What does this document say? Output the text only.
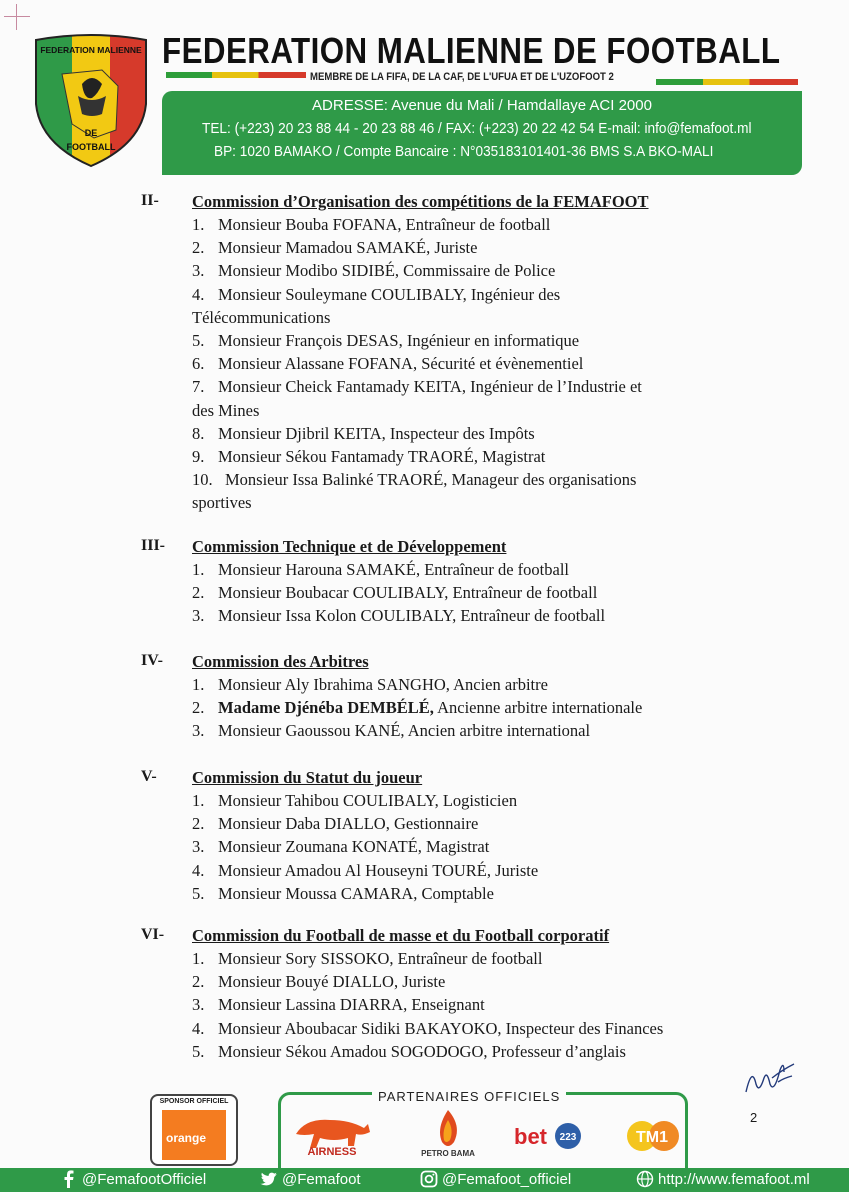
FEDERATION MALIENNE
DE
FOOTBALL
FEDERATION MALIENNE DE FOOTBALL
MEMBRE DE LA FIFA, DE LA CAF, DE L'UFUA ET DE L'UZOFOOT 2
ADRESSE: Avenue du Mali / Hamdallaye ACI 2000
TEL: (+223) 20 23 88 44 - 20 23 88 46 / FAX: (+223) 20 22 42 54 E-mail: info@femafoot.ml
BP: 1020 BAMAKO / Compte Bancaire : N°035183101401-36 BMS S.A BKO-MALI
II- Commission d’Organisation des compétitions de la FEMAFOOT
1. Monsieur Bouba FOFANA, Entraîneur de football
2. Monsieur Mamadou SAMAKÉ, Juriste
3. Monsieur Modibo SIDIBÉ, Commissaire de Police
4. Monsieur Souleymane COULIBALY, Ingénieur des
Télécommunications
5. Monsieur François DESAS, Ingénieur en informatique
6. Monsieur Alassane FOFANA, Sécurité et évènementiel
7. Monsieur Cheick Fantamady KEITA, Ingénieur de l’Industrie et
des Mines
8. Monsieur Djibril KEITA, Inspecteur des Impôts
9. Monsieur Sékou Fantamady TRAORÉ, Magistrat
10. Monsieur Issa Balinké TRAORÉ, Manageur des organisations
sportives
III- Commission Technique et de Développement
1. Monsieur Harouna SAMAKÉ, Entraîneur de football
2. Monsieur Boubacar COULIBALY, Entraîneur de football
3. Monsieur Issa Kolon COULIBALY, Entraîneur de football
IV- Commission des Arbitres
1. Monsieur Aly Ibrahima SANGHO, Ancien arbitre
2. Madame Djénéba DEMBÉLÉ, Ancienne arbitre internationale
3. Monsieur Gaoussou KANÉ, Ancien arbitre international
V- Commission du Statut du joueur
1. Monsieur Tahibou COULIBALY, Logisticien
2. Monsieur Daba DIALLO, Gestionnaire
3. Monsieur Zoumana KONATÉ, Magistrat
4. Monsieur Amadou Al Houseyni TOURÉ, Juriste
5. Monsieur Moussa CAMARA, Comptable
VI- Commission du Football de masse et du Football corporatif
1. Monsieur Sory SISSOKO, Entraîneur de football
2. Monsieur Bouyé DIALLO, Juriste
3. Monsieur Lassina DIARRA, Enseignant
4. Monsieur Aboubacar Sidiki BAKAYOKO, Inspecteur des Finances
5. Monsieur Sékou Amadou SOGODOGO, Professeur d’anglais
2
SPONSOR OFFICIEL
orange
PARTENAIRES OFFICIELS
AIRNESS	PETRO BAMA
bet 223
bet223
TM1
@FemafootOfficiel	@Femafoot	@Femafoot_officiel	http://www.femafoot.ml
